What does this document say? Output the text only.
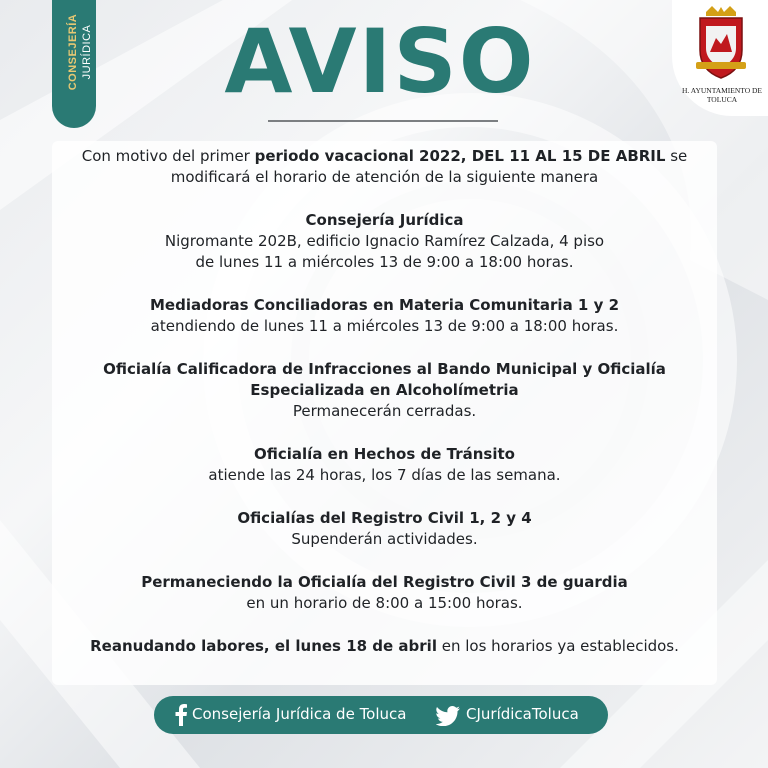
CONSEJERÍA JURÍDICA	AVISO	H. AYUNTAMIENTO DE TOLUCA

Con motivo del primer periodo vacacional 2022, DEL 11 AL 15 DE ABRIL se modificará el horario de atención de la siguiente manera

Consejería Jurídica

Nigromante 202B, edificio Ignacio Ramírez Calzada, 4 piso

de lunes 11 a miércoles 13 de 9:00 a 18:00 horas.

Mediadoras Conciliadoras en Materia Comunitaria 1 y 2

atendiendo de lunes 11 a miércoles 13 de 9:00 a 18:00 horas.

Oficialía Calificadora de Infracciones al Bando Municipal y Oficialía Especializada en Alcoholímetria

Permanecerán cerradas.

Oficialía en Hechos de Tránsito

atiende las 24 horas, los 7 días de las semana.

Oficialías del Registro Civil 1, 2 y 4

Supenderán actividades.

Permaneciendo la Oficialía del Registro Civil 3 de guardia

en un horario de 8:00 a 15:00 horas.

Reanudando labores, el lunes 18 de abril en los horarios ya establecidos.

Consejería Jurídica de Toluca	CJurídicaToluca
